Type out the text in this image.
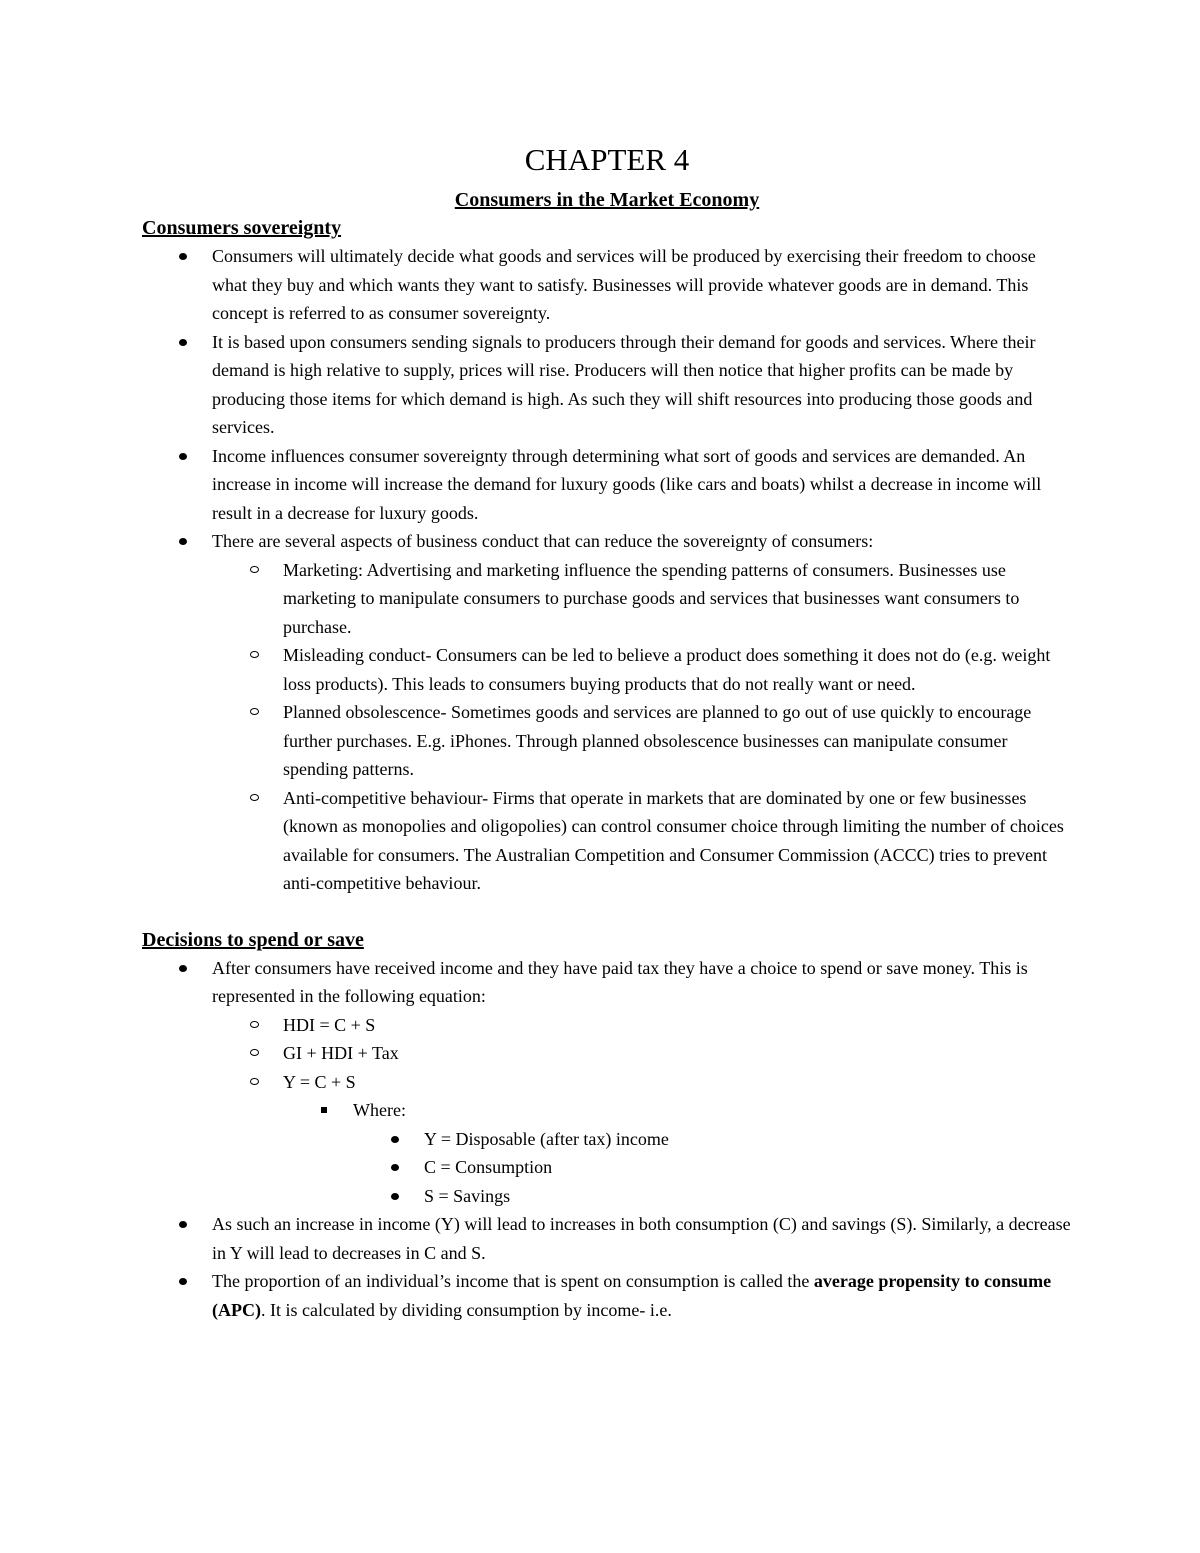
CHAPTER 4
Consumers in the Market Economy
Consumers sovereignty
Consumers will ultimately decide what goods and services will be produced by exercising their freedom to choose what they buy and which wants they want to satisfy. Businesses will provide whatever goods are in demand. This concept is referred to as consumer sovereignty.
It is based upon consumers sending signals to producers through their demand for goods and services. Where their demand is high relative to supply, prices will rise. Producers will then notice that higher profits can be made by producing those items for which demand is high. As such they will shift resources into producing those goods and services.
Income influences consumer sovereignty through determining what sort of goods and services are demanded. An increase in income will increase the demand for luxury goods (like cars and boats) whilst a decrease in income will result in a decrease for luxury goods.
There are several aspects of business conduct that can reduce the sovereignty of consumers:
Marketing: Advertising and marketing influence the spending patterns of consumers. Businesses use marketing to manipulate consumers to purchase goods and services that businesses want consumers to purchase.
Misleading conduct- Consumers can be led to believe a product does something it does not do (e.g. weight loss products). This leads to consumers buying products that do not really want or need.
Planned obsolescence- Sometimes goods and services are planned to go out of use quickly to encourage further purchases. E.g. iPhones. Through planned obsolescence businesses can manipulate consumer spending patterns.
Anti-competitive behaviour- Firms that operate in markets that are dominated by one or few businesses (known as monopolies and oligopolies) can control consumer choice through limiting the number of choices available for consumers. The Australian Competition and Consumer Commission (ACCC) tries to prevent anti-competitive behaviour.
Decisions to spend or save
After consumers have received income and they have paid tax they have a choice to spend or save money. This is represented in the following equation:
HDI = C + S
GI + HDI + Tax
Y = C + S
Where:
Y = Disposable (after tax) income
C = Consumption
S = Savings
As such an increase in income (Y) will lead to increases in both consumption (C) and savings (S). Similarly, a decrease in Y will lead to decreases in C and S.
The proportion of an individual’s income that is spent on consumption is called the average propensity to consume (APC). It is calculated by dividing consumption by income- i.e.
